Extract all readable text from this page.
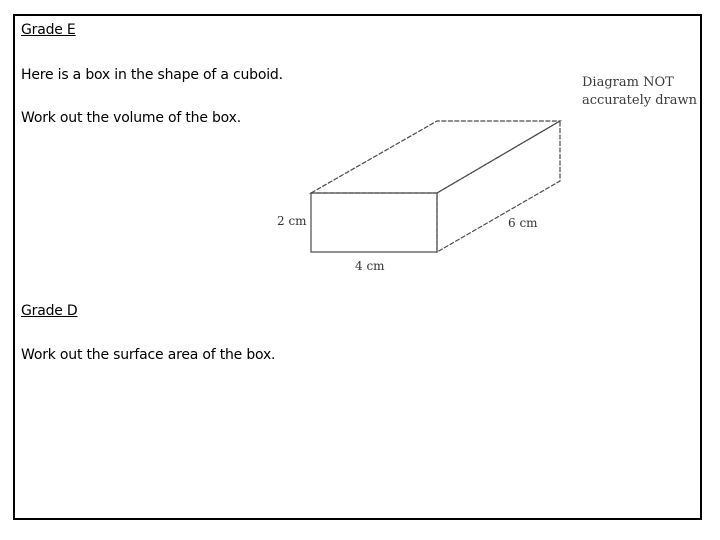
Grade E
Here is a box in the shape of a cuboid.
Work out the volume of the box.
Diagram NOT
accurately drawn
2 cm	6 cm
4 cm
Grade D
Work out the surface area of the box.
